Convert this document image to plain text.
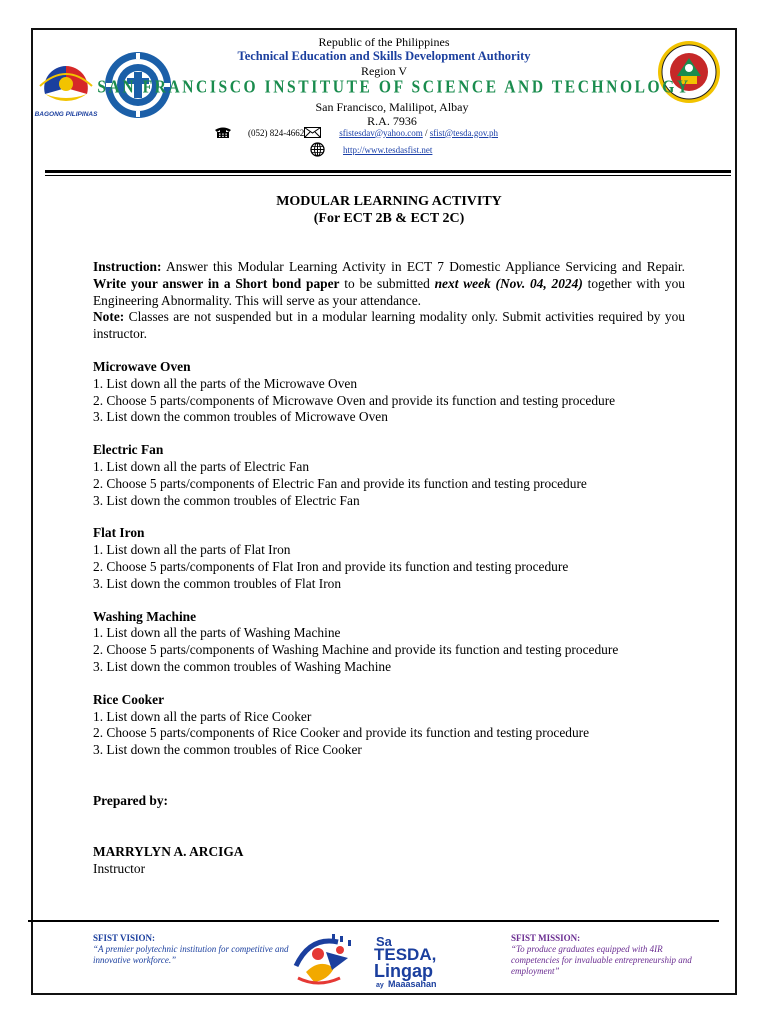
BAGONG PILIPINAS
Republic of the Philippines
Technical Education and Skills Development Authority
Region V
SAN FRANCISCO INSTITUTE OF SCIENCE AND TECHNOLOGY
San Francisco, Malilipot, Albay
R.A. 7936
(052) 824-4662	sfistesdav@yahoo.com / sfist@tesda.gov.ph
http://www.tesdasfist.net
MODULAR LEARNING ACTIVITY
(For ECT 2B & ECT 2C)

Instruction: Answer this Modular Learning Activity in ECT 7 Domestic Appliance Servicing and Repair. Write your answer in a Short bond paper to be submitted next week (Nov. 04, 2024) together with you Engineering Abnormality. This will serve as your attendance.

Note: Classes are not suspended but in a modular learning modality only. Submit activities required by you instructor.

Microwave Oven
1. List down all the parts of the Microwave Oven
2. Choose 5 parts/components of Microwave Oven and provide its function and testing procedure
3. List down the common troubles of Microwave Oven
Electric Fan
1. List down all the parts of Electric Fan
2. Choose 5 parts/components of Electric Fan and provide its function and testing procedure
3. List down the common troubles of Electric Fan
Flat Iron
1. List down all the parts of Flat Iron
2. Choose 5 parts/components of Flat Iron and provide its function and testing procedure
3. List down the common troubles of Flat Iron
Washing Machine
1. List down all the parts of Washing Machine
2. Choose 5 parts/components of Washing Machine and provide its function and testing procedure
3. List down the common troubles of Washing Machine
Rice Cooker
1. List down all the parts of Rice Cooker
2. Choose 5 parts/components of Rice Cooker and provide its function and testing procedure
3. List down the common troubles of Rice Cooker
Prepared by:
MARRYLYN A. ARCIGA
Instructor
SFIST VISION:
“A premier polytechnic institution for competitive and innovative workforce.”
Sa
TESDA,
Lingap
ay Maaasahan
SFIST MISSION:
“To produce graduates equipped with 4IR competencies for invaluable entrepreneurship and employment”
